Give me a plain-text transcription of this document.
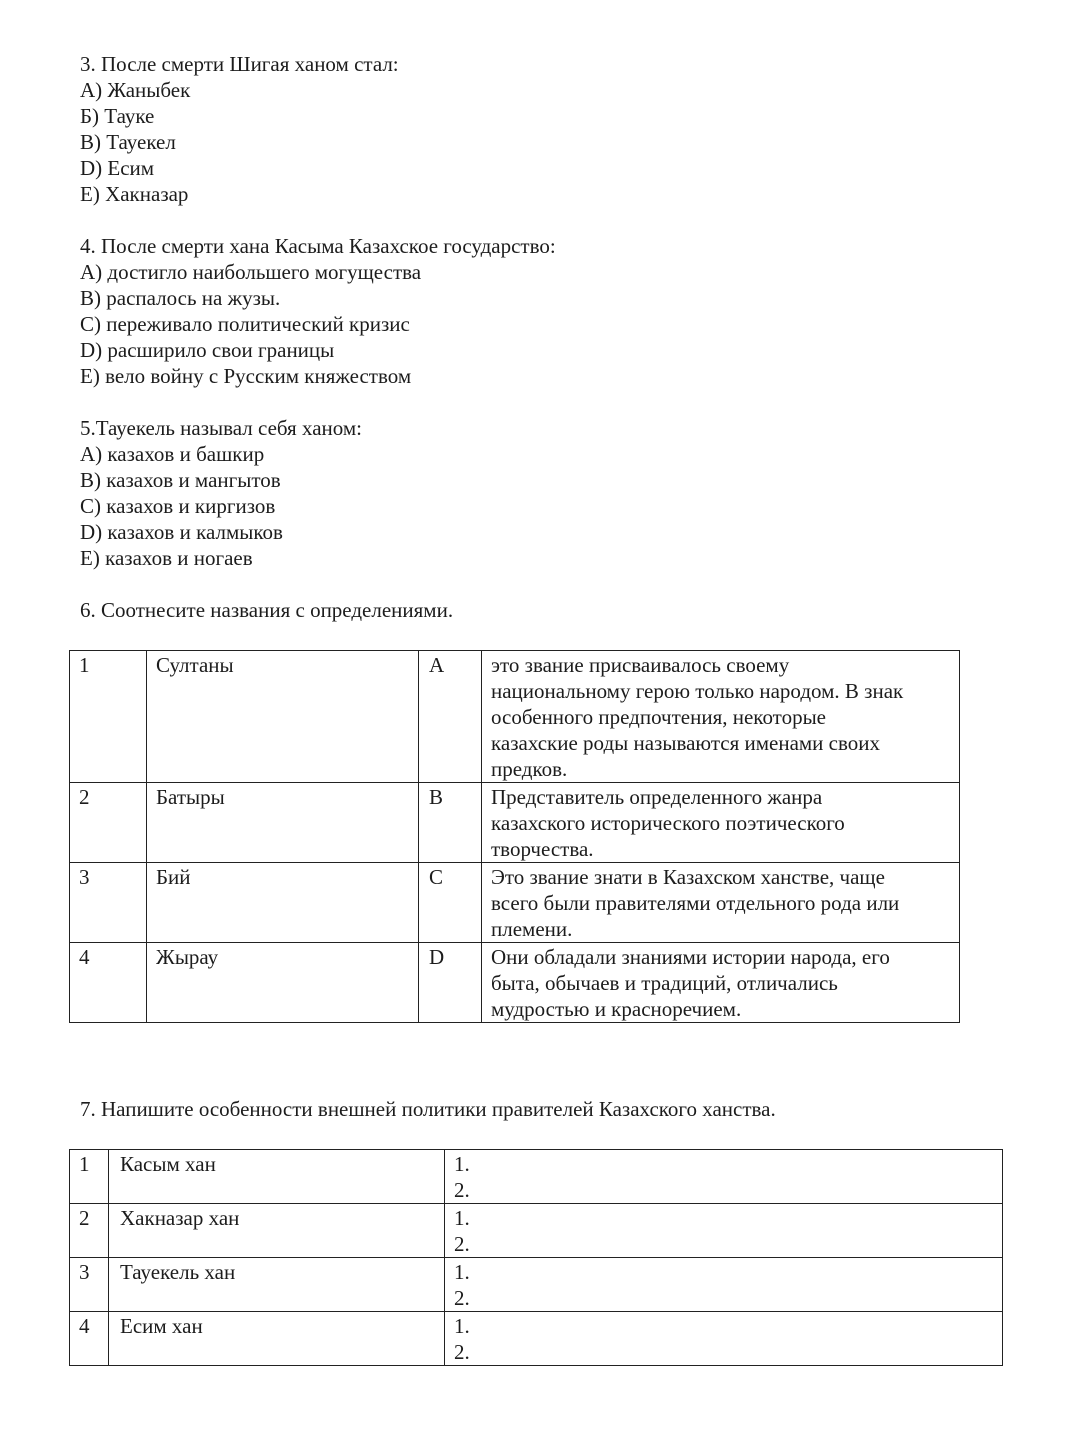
3. После смерти Шигая ханом стал:
А) Жаныбек
Б) Тауке
В) Тауекел
D) Есим
Е) Хакназар
4. После смерти хана Касыма Казахское государство:
A) достигло наибольшего могущества
B) распалось на жузы.
C) переживало политический кризис
D) расширило свои границы
E) вело войну с Русским княжеством
5.Тауекель называл себя ханом:
A) казахов и башкир
B) казахов и мангытов
C) казахов и киргизов
D) казахов и калмыков
E) казахов и ногаев
6. Соотнесите названия с определениями.
1	Султаны	A	это звание присваивалось своему
национальному герою только народом. В знак
особенного предпочтения, некоторые
казахские роды называются именами своих
предков.

2	Батыры	B	Представитель определенного жанра
казахского исторического поэтического
творчества.

3	Бий	C	Это звание знати в Казахском ханстве, чаще
всего были правителями отдельного рода или
племени.

4	Жырау	D	Они обладали знаниями истории народа, его
быта, обычаев и традиций, отличались
мудростью и красноречием.
7. Напишите особенности внешней политики правителей Казахского ханства.
1	Касым хан	1.
2.

2	Хакназар хан	1.
2.

3	Тауекель хан	1.
2.

4	Есим хан	1.
2.
